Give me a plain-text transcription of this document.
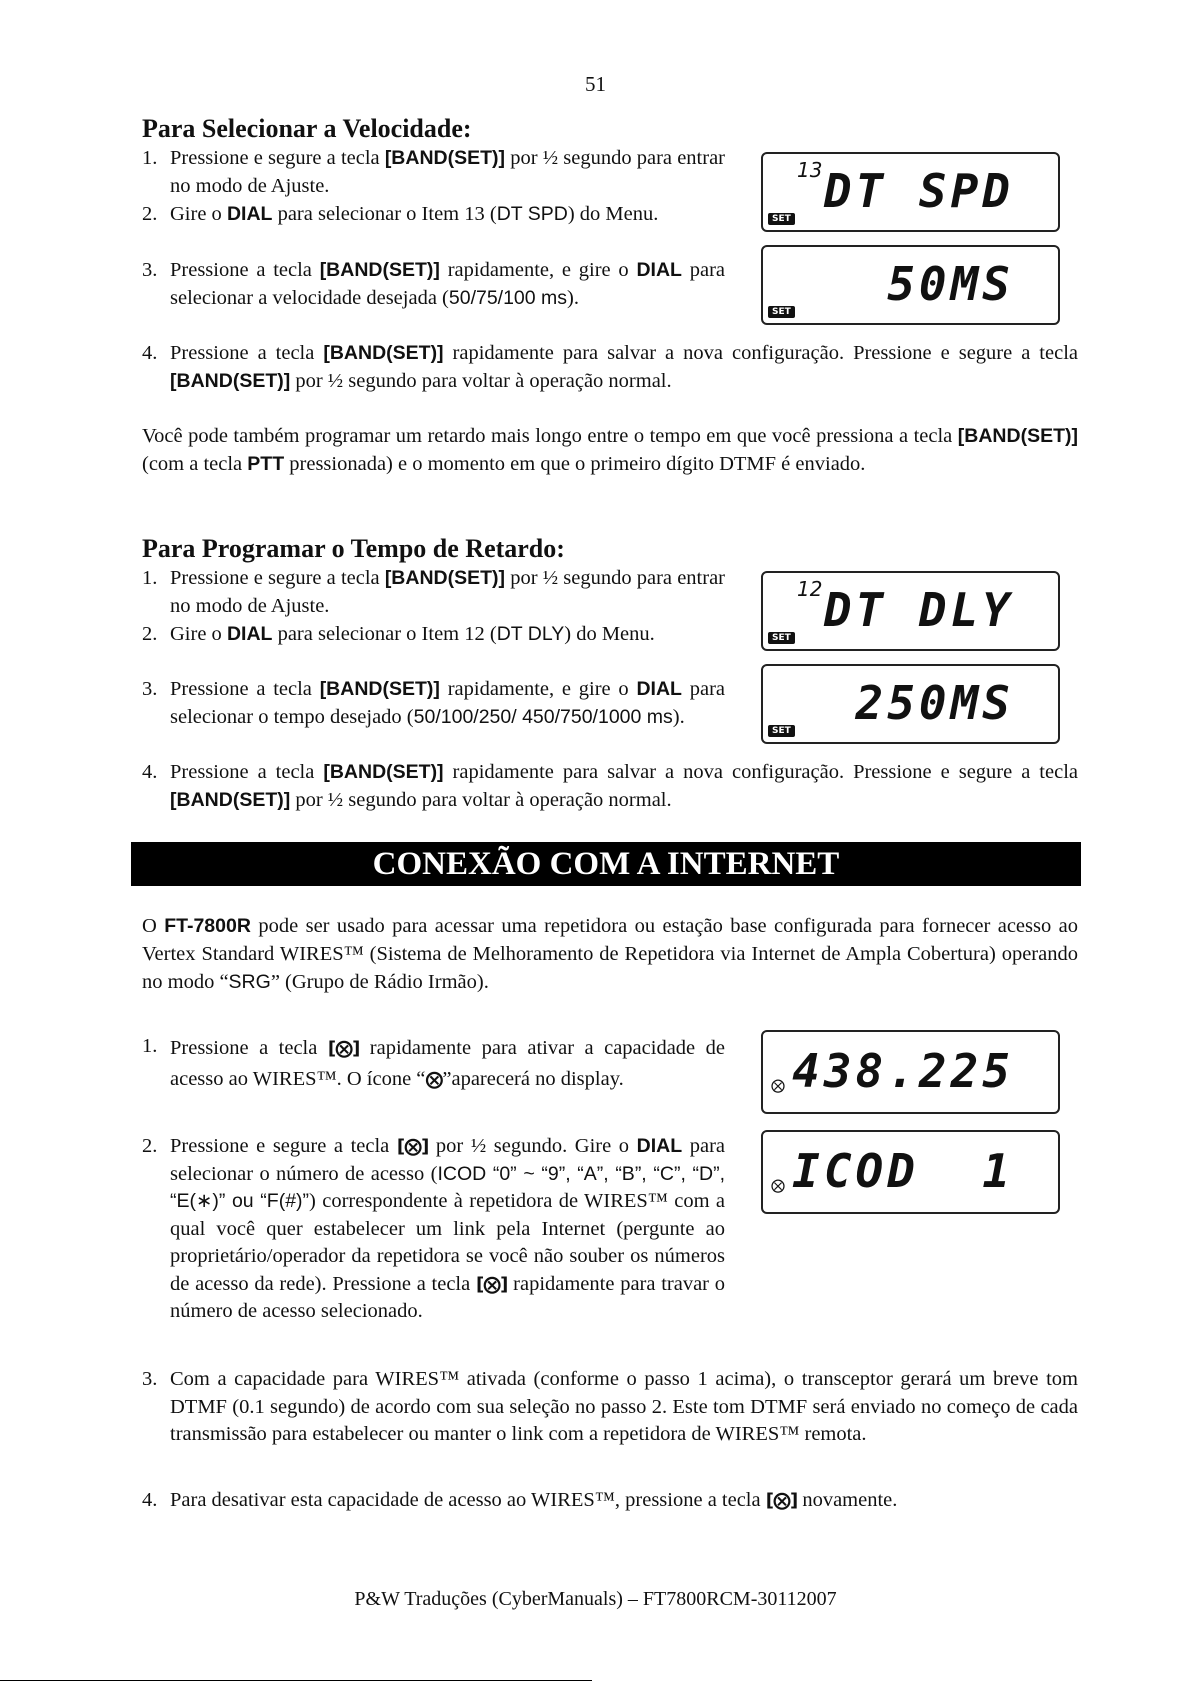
51
Para Selecionar a Velocidade:
1. Pressione e segure a tecla [BAND(SET)] por ½ segundo para entrar no modo de Ajuste.
2. Gire o DIAL para selecionar o Item 13 (DT SPD) do Menu.
3. Pressione a tecla [BAND(SET)] rapidamente, e gire o DIAL para selecionar a velocidade desejada (50/75/100 ms).
4. Pressione a tecla [BAND(SET)] rapidamente para salvar a nova configuração. Pressione e segure a tecla [BAND(SET)] por ½ segundo para voltar à operação normal.
13 DT SPD
SET
50MS
SET
Você pode também programar um retardo mais longo entre o tempo em que você pressiona a tecla [BAND(SET)] (com a tecla PTT pressionada) e o momento em que o primeiro dígito DTMF é enviado.
Para Programar o Tempo de Retardo:
1. Pressione e segure a tecla [BAND(SET)] por ½ segundo para entrar no modo de Ajuste.
2. Gire o DIAL para selecionar o Item 12 (DT DLY) do Menu.
3. Pressione a tecla [BAND(SET)] rapidamente, e gire o DIAL para selecionar o tempo desejado (50/100/250/ 450/750/1000 ms).
4. Pressione a tecla [BAND(SET)] rapidamente para salvar a nova configuração. Pressione e segure a tecla [BAND(SET)] por ½ segundo para voltar à operação normal.
12 DT DLY
SET
250MS
SET
CONEXÃO COM A INTERNET
O FT-7800R pode ser usado para acessar uma repetidora ou estação base configurada para fornecer acesso ao Vertex Standard WIRES™ (Sistema de Melhoramento de Repetidora via Internet de Ampla Cobertura) operando no modo “SRG” (Grupo de Rádio Irmão).
1. Pressione a tecla [⨂] rapidamente para ativar a capacidade de acesso ao WIRES™. O ícone “⨂”aparecerá no display.
2. Pressione e segure a tecla [⨂] por ½ segundo. Gire o DIAL para selecionar o número de acesso (ICOD “0” ~ “9”, “A”, “B”, “C”, “D”, “E(∗)” ou “F(#)”) correspondente à repetidora de WIRES™ com a qual você quer estabelecer um link pela Internet (pergunte ao proprietário/operador da repetidora se você não souber os números de acesso da rede). Pressione a tecla [⨂] rapidamente para travar o número de acesso selecionado.
3. Com a capacidade para WIRES™ ativada (conforme o passo 1 acima), o transceptor gerará um breve tom DTMF (0.1 segundo) de acordo com sua seleção no passo 2. Este tom DTMF será enviado no começo de cada transmissão para estabelecer ou manter o link com a repetidora de WIRES™ remota.
4. Para desativar esta capacidade de acesso ao WIRES™, pressione a tecla [⨂] novamente.
⨂ 438.225
⨂ ICOD  1
P&W Traduções (CyberManuals) – FT7800RCM-30112007
